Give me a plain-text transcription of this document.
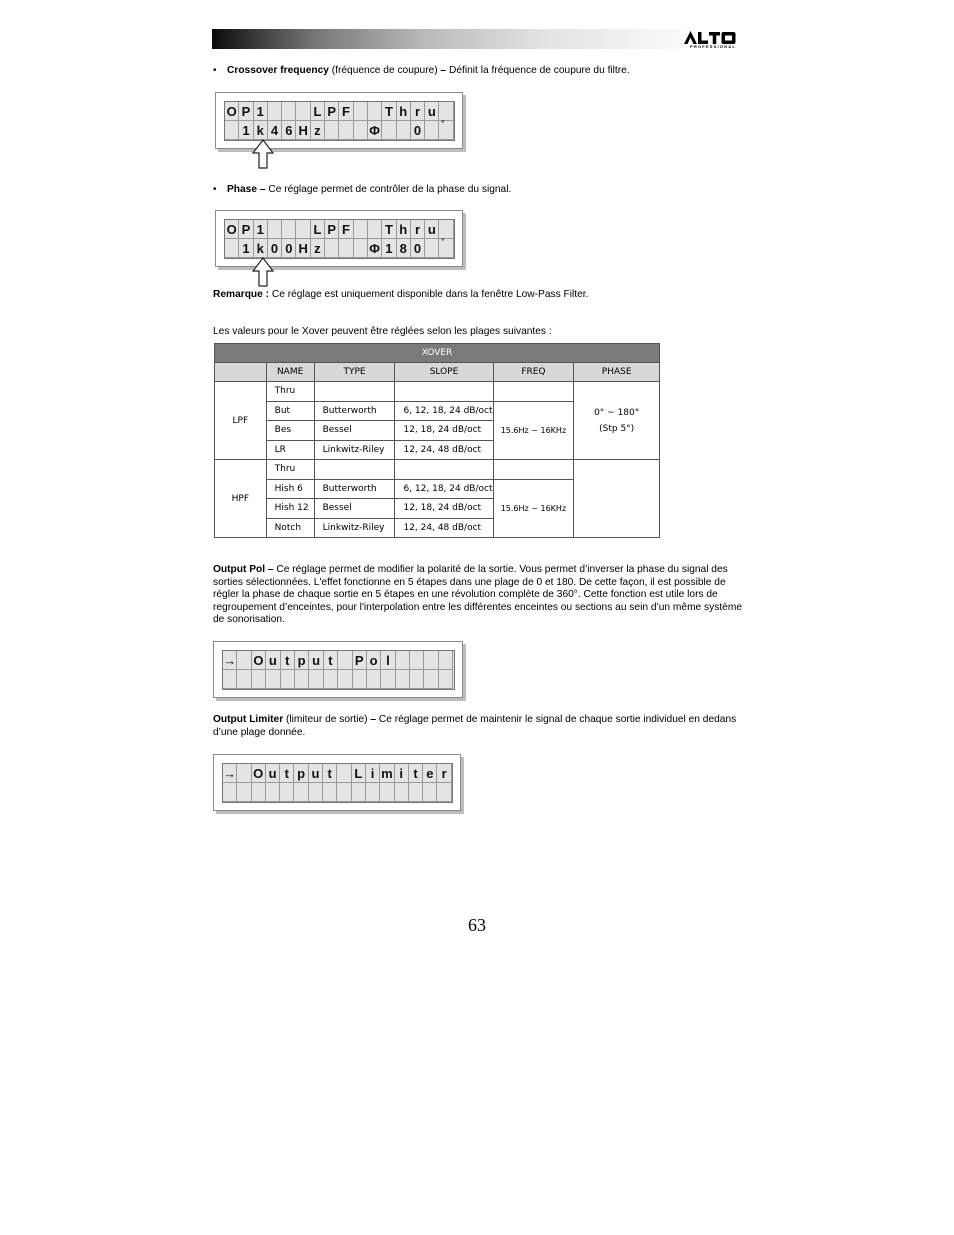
PROFESSIONAL
• Crossover frequency (fréquence de coupure) – Définit la fréquence de coupure du filtre.
O P 1	L P F	T h r u
1 k 4 6 H z	Φ	0	°
• Phase – Ce réglage permet de contrôler de la phase du signal.
O P 1	L P F	T h r u
1 k 0 0 H z	Φ 1 8 0	°
Remarque : Ce réglage est uniquement disponible dans la fenêtre Low-Pass Filter.
Les valeurs pour le Xover peuvent être réglées selon les plages suivantes :
XOVER					
	NAME	TYPE	SLOPE	FREQ	PHASE
LPF	Thru				0° ~ 180°
(Stp 5°)

	But	Butterworth	6, 12, 18, 24 dB/oct	15.6Hz ~ 16KHz	
	Bes	Bessel	12, 18, 24 dB/oct		
	LR	Linkwitz-Riley	12, 24, 48 dB/oct		
HPF	Thru				
	Hish 6	Butterworth	6, 12, 18, 24 dB/oct	15.6Hz ~ 16KHz	
	Hish 12	Bessel	12, 18, 24 dB/oct		
	Notch	Linkwitz-Riley	12, 24, 48 dB/oct		

Output Pol – Ce réglage permet de modifier la polarité de la sortie. Vous permet d’inverser la phase du signal des sorties sélectionnées. L'effet fonctionne en 5 étapes dans une plage de 0 et 180. De cette façon, il est possible de régler la phase de chaque sortie en 5 étapes en une révolution complète de 360°. Cette fonction est utile lors de regroupement d’enceintes, pour l'interpolation entre les différentes enceintes ou sections au sein d’un même système de sonorisation.

→ O u t p u t	P o l

Output Limiter (limiteur de sortie) – Ce réglage permet de maintenir le signal de chaque sortie individuel en dedans d’une plage donnée.

→ O u t p u t	L i m i t e r
63
